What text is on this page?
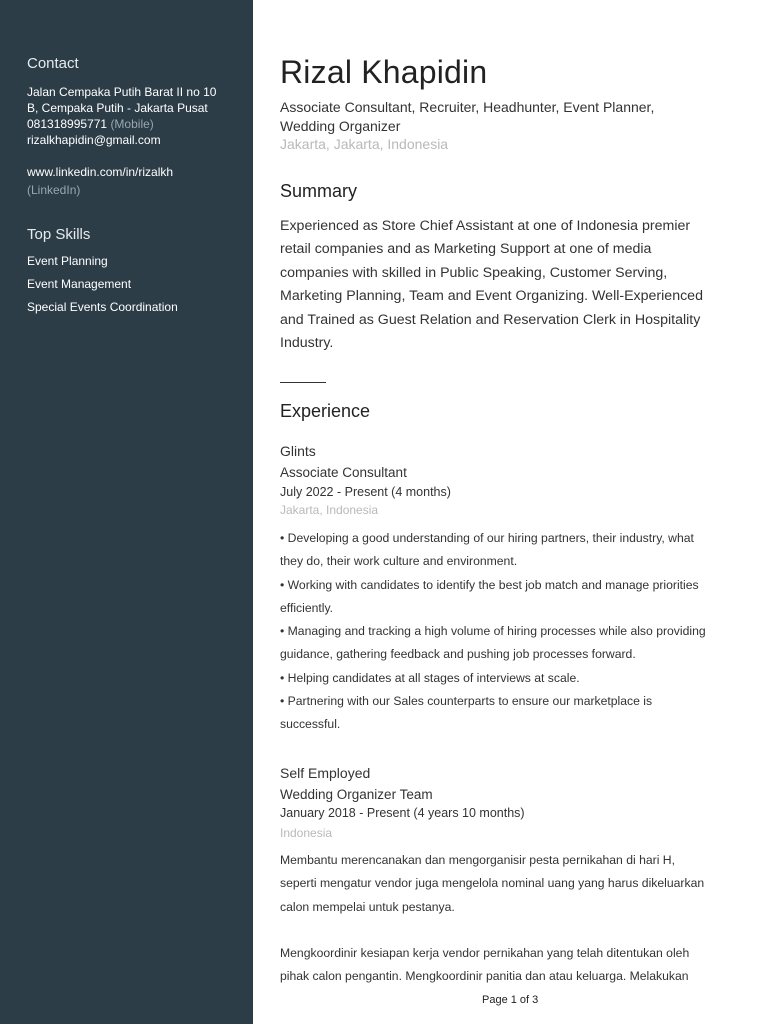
Contact
Jalan Cempaka Putih Barat II no 10
B, Cempaka Putih - Jakarta Pusat
081318995771 (Mobile)
rizalkhapidin@gmail.com
www.linkedin.com/in/rizalkh
(LinkedIn)
Top Skills
Event Planning
Event Management
Special Events Coordination
Rizal Khapidin
Associate Consultant, Recruiter, Headhunter, Event Planner,
Wedding Organizer
Jakarta, Jakarta, Indonesia
Summary
Experienced as Store Chief Assistant at one of Indonesia premier
retail companies and as Marketing Support at one of media
companies with skilled in Public Speaking, Customer Serving,
Marketing Planning, Team and Event Organizing. Well-Experienced
and Trained as Guest Relation and Reservation Clerk in Hospitality
Industry.
Experience
Glints
Associate Consultant
July 2022 - Present (4 months)
Jakarta, Indonesia

• Developing a good understanding of our hiring partners, their industry, what

they do, their work culture and environment.

• Working with candidates to identify the best job match and manage priorities

efficiently.

• Managing and tracking a high volume of hiring processes while also providing

guidance, gathering feedback and pushing job processes forward.

• Helping candidates at all stages of interviews at scale.

• Partnering with our Sales counterparts to ensure our marketplace is

successful.

Self Employed
Wedding Organizer Team
January 2018 - Present (4 years 10 months)
Indonesia

Membantu merencanakan dan mengorganisir pesta pernikahan di hari H,

seperti mengatur vendor juga mengelola nominal uang yang harus dikeluarkan

calon mempelai untuk pestanya.

Mengkoordinir kesiapan kerja vendor pernikahan yang telah ditentukan oleh

pihak calon pengantin. Mengkoordinir panitia dan atau keluarga. Melakukan

Page 1 of 3
